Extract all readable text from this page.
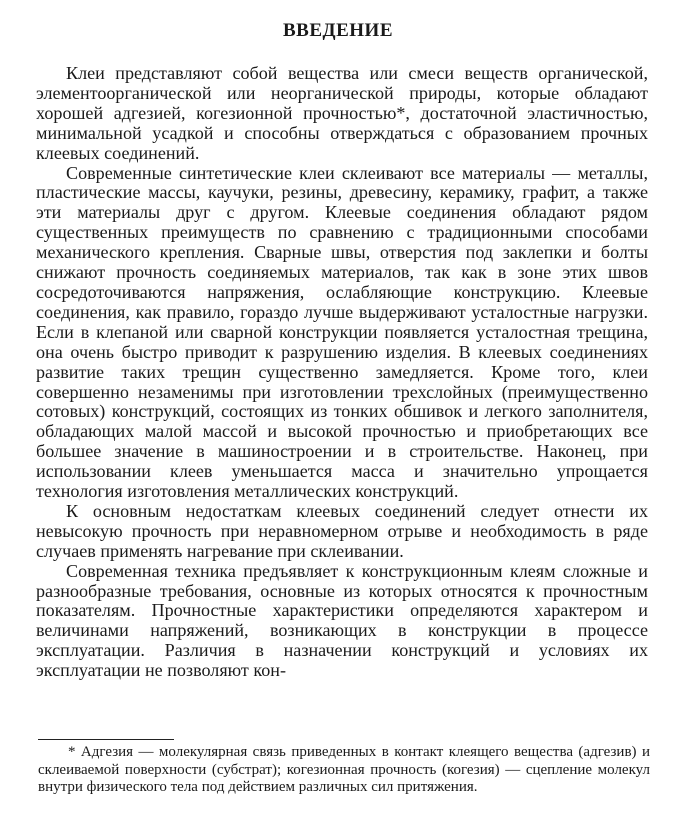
ВВЕДЕНИЕ

Клеи представляют собой вещества или смеси веществ органической, элементоорганической или неорганической природы, которые обладают хорошей адгезией, когезионной прочностью*, достаточной эластичностью, минимальной усадкой и способны отверждаться с образованием прочных клеевых соединений.

Современные синтетические клеи склеивают все материалы — металлы, пластические массы, каучуки, резины, древесину, керамику, графит, а также эти материалы друг с другом. Клеевые соединения обладают рядом существенных преимуществ по сравнению с традиционными способами механического крепления. Сварные швы, отверстия под заклепки и болты снижают прочность соединяемых материалов, так как в зоне этих швов сосредоточиваются напряжения, ослабляющие конструкцию. Клеевые соединения, как правило, гораздо лучше выдерживают усталостные нагрузки. Если в клепаной или сварной конструкции появляется усталостная трещина, она очень быстро приводит к разрушению изделия. В клеевых соединениях развитие таких трещин существенно замедляется. Кроме того, клеи совершенно незаменимы при изготовлении трехслойных (преимущественно сотовых) конструкций, состоящих из тонких обшивок и легкого заполнителя, обладающих малой массой и высокой прочностью и приобретающих все большее значение в машиностроении и в строительстве. Наконец, при использовании клеев уменьшается масса и значительно упрощается технология изготовления металлических конструкций.

К основным недостаткам клеевых соединений следует отнести их невысокую прочность при неравномерном отрыве и необходимость в ряде случаев применять нагревание при склеивании.

Современная техника предъявляет к конструкционным клеям сложные и разнообразные требования, основные из которых относятся к прочностным показателям. Прочностные характеристики определяются характером и величинами напряжений, возникающих в конструкции в процессе эксплуатации. Различия в назначении конструкций и условиях их эксплуатации не позволяют кон-

* Адгезия — молекулярная связь приведенных в контакт клеящего вещества (адгезив) и склеиваемой поверхности (субстрат); когезионная прочность (когезия) — сцепление молекул внутри физического тела под действием различных сил притяжения.
